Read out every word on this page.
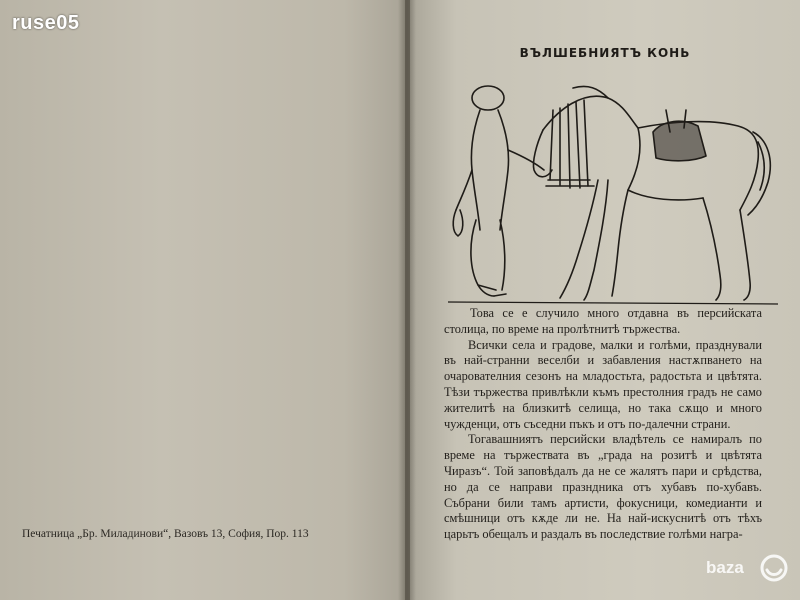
ruse05
Печатница „Бр. Миладинови“, Вазовъ 13, София, Пор. 113
ВЪЛШЕБНИЯТЪ КОНЬ

Това се е случило много отдавна въ персийската столица, по време на пролѣтнитѣ тържества.

Всички села и градове, малки и голѣми, празднували въ най-странни веселби и забавления настѫпването на очарователния сезонъ на младостьта, радостьта и цвѣтята. Тѣзи тържества привлѣкли къмъ престолния градъ не само жителитѣ на близкитѣ селища, но така сѫщо и много чужденци, отъ съседни пъкъ и отъ по-далечни страни.

Тогавашниятъ персийски владѣтель се намиралъ по време на тържествата въ „града на розитѣ и цвѣтята Чиразъ“. Той заповѣдалъ да не се жалятъ пари и срѣдства, но да се направи празндника отъ хубавъ по-хубавъ. Събрани били тамъ артисти, фокусници, комедианти и смѣшници отъ кѫде ли не. На най-искуснитѣ отъ тѣхъ царьтъ обещалъ и раздалъ въ последствие голѣми награ-

baza
